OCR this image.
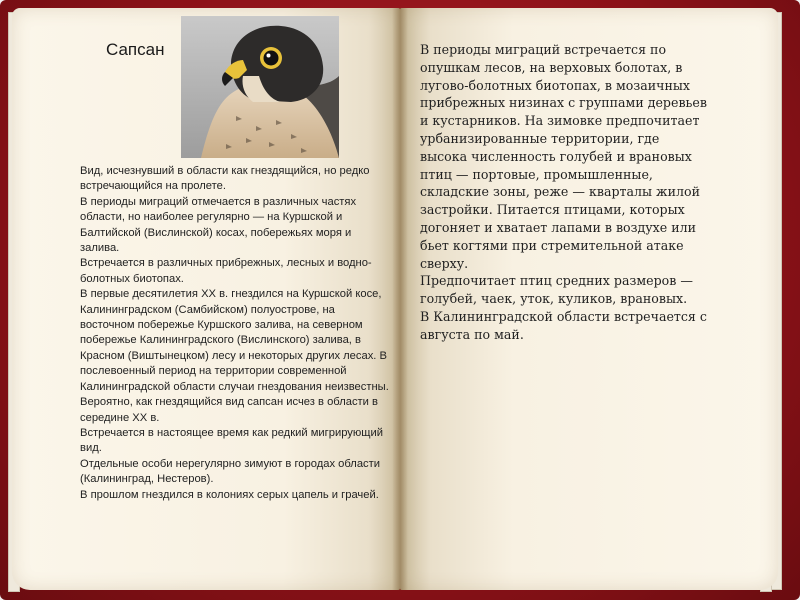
Сапсан

Вид, исчезнувший в области как гнездящийся, но редко встречающийся на пролете.

В периоды миграций отмечается в различных частях области, но наиболее регулярно — на Куршской и Балтийской (Вислинской) косах, побережьях моря и залива.

Встречается в различных прибрежных, лесных и водно-болотных биотопах.

В первые десятилетия XX в. гнездился на Куршской косе, Калининградском (Самбийском) полуострове, на восточном побережье Куршского залива, на северном побережье Калининградского (Вислинского) залива, в Красном (Виштынецком) лесу и некоторых других лесах. В послевоенный период на территории современной Калининградской области случаи гнездования неизвестны. Вероятно, как гнездящийся вид сапсан исчез в области в середине XX в.

Встречается в настоящее время как редкий мигрирующий вид.

Отдельные особи нерегулярно зимуют в городах области (Калининград, Нестеров).

В прошлом гнездился в колониях серых цапель и грачей.

В периоды миграций встречается по опушкам лесов, на верховых болотах, в лугово-болотных биотопах, в мозаичных прибрежных низинах с группами деревьев и кустарников. На зимовке предпочитает урбанизированные территории, где высока численность голубей и врановых птиц — портовые, промышленные, складские зоны, реже — кварталы жилой застройки. Питается птицами, которых догоняет и хватает лапами в воздухе или бьет когтями при стремительной атаке сверху.

Предпочитает птиц средних размеров — голубей, чаек, уток, куликов, врановых.

В Калининградской области встречается с августа по май.
